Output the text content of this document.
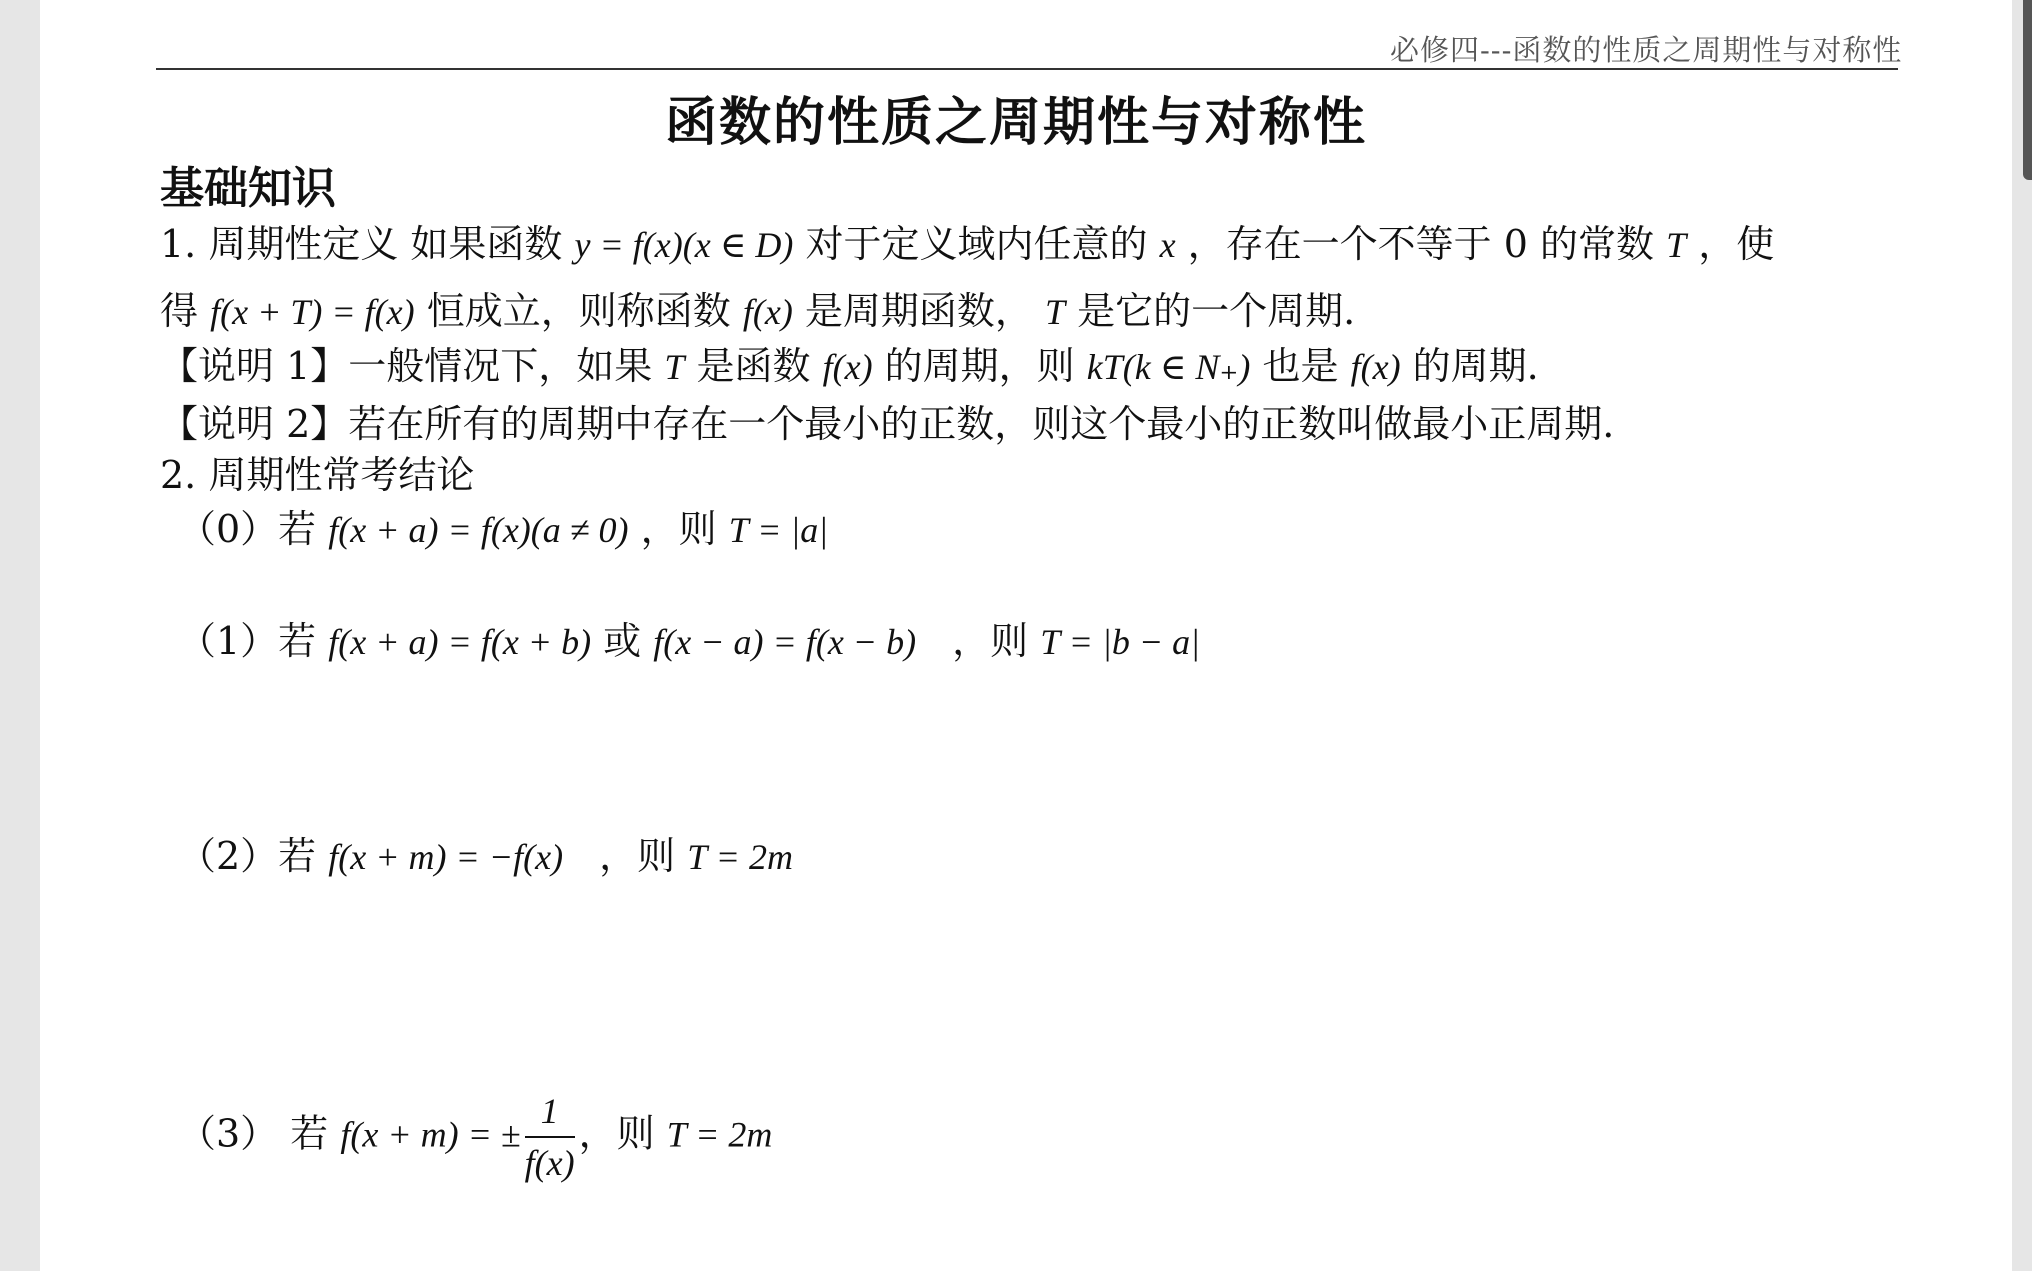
必修四---函数的性质之周期性与对称性
函数的性质之周期性与对称性
基础知识
1. 周期性定义 如果函数 y = f(x)(x ∈ D) 对于定义域内任意的 x ，存在一个不等于 0 的常数 T ，使
得 f(x + T) = f(x) 恒成立，则称函数 f(x) 是周期函数， T 是它的一个周期.
【说明 1】一般情况下，如果 T 是函数 f(x) 的周期，则 kT(k ∈ N₊) 也是 f(x) 的周期.
【说明 2】若在所有的周期中存在一个最小的正数，则这个最小的正数叫做最小正周期.
2. 周期性常考结论
（0）若 f(x + a) = f(x)(a ≠ 0) ，则 T = |a|
（1）若 f(x + a) = f(x + b) 或 f(x − a) = f(x − b) ，则 T = |b − a|
（2）若 f(x + m) = −f(x) ，则 T = 2m
（3） 若 f(x + m) = ± $\frac{1}{f(x)}$ ，则 T = 2m
